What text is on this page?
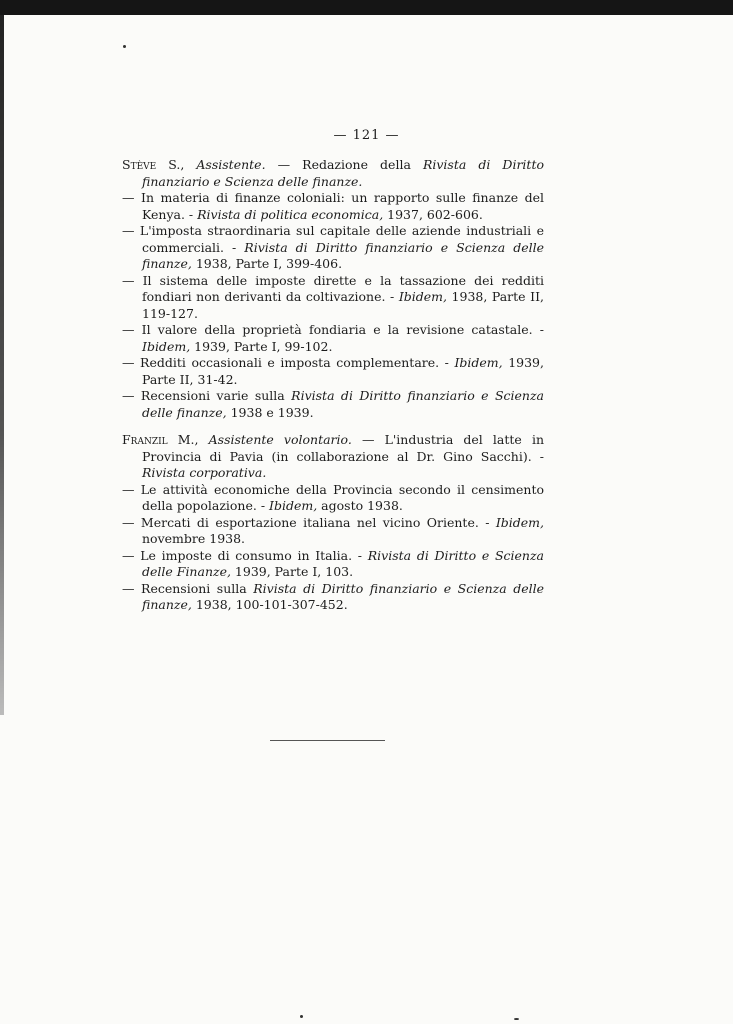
— 121 —
Stève S., Assistente. — Redazione della Rivista di Diritto finanziario e Scienza delle finanze.
— In materia di finanze coloniali: un rapporto sulle finanze del Kenya. - Rivista di politica economica, 1937, 602-606.
— L'imposta straordinaria sul capitale delle aziende industriali e commerciali. - Rivista di Diritto finanziario e Scienza delle finanze, 1938, Parte I, 399-406.
— Il sistema delle imposte dirette e la tassazione dei redditi fondiari non derivanti da coltivazione. - Ibidem, 1938, Parte II, 119-127.
— Il valore della proprietà fondiaria e la revisione catastale. - Ibidem, 1939, Parte I, 99-102.
— Redditi occasionali e imposta complementare. - Ibidem, 1939, Parte II, 31-42.
— Recensioni varie sulla Rivista di Diritto finanziario e Scienza delle finanze, 1938 e 1939.
Franzil M., Assistente volontario. — L'industria del latte in Provincia di Pavia (in collaborazione al Dr. Gino Sacchi). - Rivista corporativa.
— Le attività economiche della Provincia secondo il censimento della popolazione. - Ibidem, agosto 1938.
— Mercati di esportazione italiana nel vicino Oriente. - Ibidem, novembre 1938.
— Le imposte di consumo in Italia. - Rivista di Diritto e Scienza delle Finanze, 1939, Parte I, 103.
— Recensioni sulla Rivista di Diritto finanziario e Scienza delle finanze, 1938, 100-101-307-452.
